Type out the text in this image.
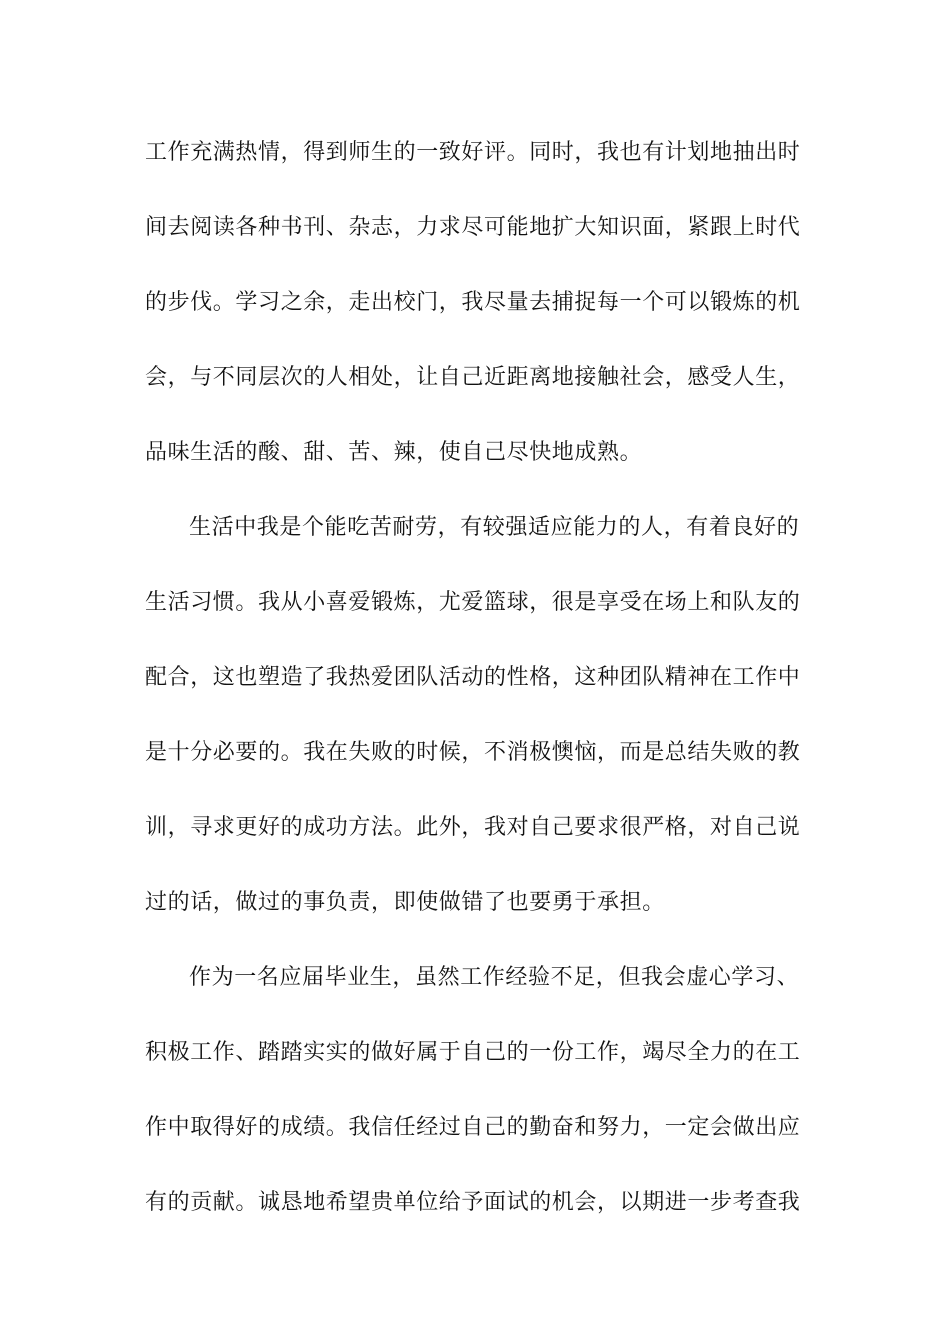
工作充满热情，得到师生的一致好评。同时，我也有计划地抽出时
间去阅读各种书刊、杂志，力求尽可能地扩大知识面，紧跟上时代
的步伐。学习之余，走出校门，我尽量去捕捉每一个可以锻炼的机
会，与不同层次的人相处，让自己近距离地接触社会，感受人生，
品味生活的酸、甜、苦、辣，使自己尽快地成熟。
生活中我是个能吃苦耐劳，有较强适应能力的人，有着良好的
生活习惯。我从小喜爱锻炼，尤爱篮球，很是享受在场上和队友的
配合，这也塑造了我热爱团队活动的性格，这种团队精神在工作中
是十分必要的。我在失败的时候，不消极懊恼，而是总结失败的教
训，寻求更好的成功方法。此外，我对自己要求很严格，对自己说
过的话，做过的事负责，即使做错了也要勇于承担。
作为一名应届毕业生，虽然工作经验不足，但我会虚心学习、
积极工作、踏踏实实的做好属于自己的一份工作，竭尽全力的在工
作中取得好的成绩。我信任经过自己的勤奋和努力，一定会做出应
有的贡献。诚恳地希望贵单位给予面试的机会，以期进一步考查我
